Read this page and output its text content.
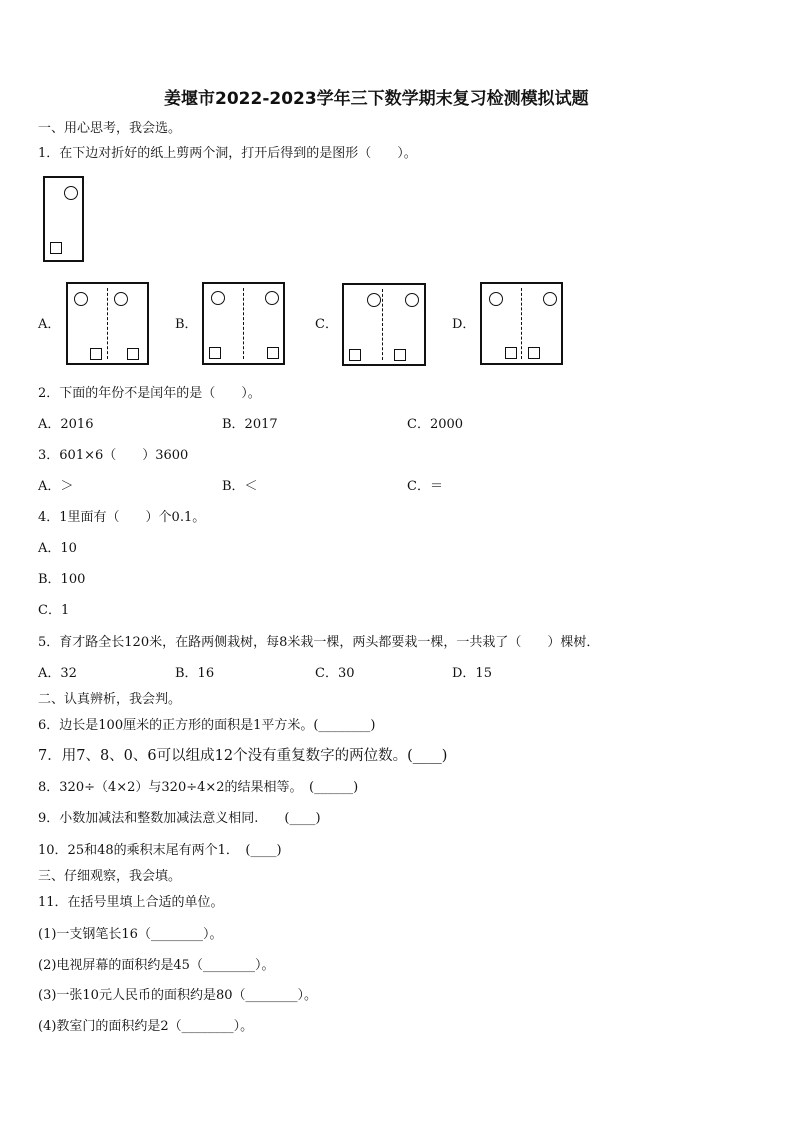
姜堰市2022-2023学年三下数学期末复习检测模拟试题
一、用心思考，我会选。
1．在下边对折好的纸上剪两个洞，打开后得到的是图形（　　）。
A．	B．	C．	D．
2．下面的年份不是闰年的是（　　）。
A．2016	B．2017	C．2000
3．601×6（　　）3600
A．＞	B．＜	C．＝
4．1里面有（　　）个0.1。
A．10
B．100
C．1
5．育才路全长120米，在路两侧栽树，每8米栽一棵，两头都要栽一棵，一共栽了（　　）棵树．
A．32	B．16	C．30	D．15
二、认真辨析，我会判。
6．边长是100厘米的正方形的面积是1平方米。(________)
7．用7、8、0、6可以组成12个没有重复数字的两位数。(____)
8．320÷（4×2）与320÷4×2的结果相等。　(______)
9．小数加减法和整数加减法意义相同.　　(____)
10．25和48的乘积末尾有两个1．　(____)
三、仔细观察，我会填。
11．在括号里填上合适的单位。
(1)一支钢笔长16（________）。
(2)电视屏幕的面积约是45（________）。
(3)一张10元人民币的面积约是80（________）。
(4)教室门的面积约是2（________）。
